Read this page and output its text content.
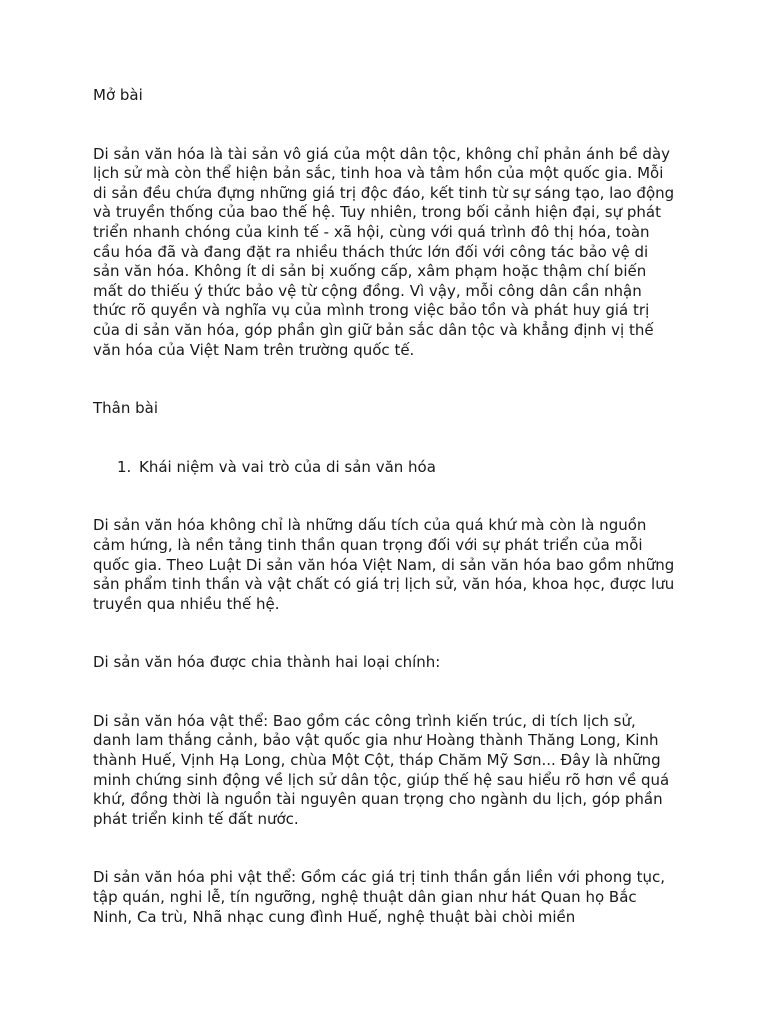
Mở bài

Di sản văn hóa là tài sản vô giá của một dân tộc, không chỉ phản ánh bề dày lịch sử mà còn thể hiện bản sắc, tinh hoa và tâm hồn của một quốc gia. Mỗi di sản đều chứa đựng những giá trị độc đáo, kết tinh từ sự sáng tạo, lao động và truyền thống của bao thế hệ. Tuy nhiên, trong bối cảnh hiện đại, sự phát triển nhanh chóng của kinh tế - xã hội, cùng với quá trình đô thị hóa, toàn cầu hóa đã và đang đặt ra nhiều thách thức lớn đối với công tác bảo vệ di sản văn hóa. Không ít di sản bị xuống cấp, xâm phạm hoặc thậm chí biến mất do thiếu ý thức bảo vệ từ cộng đồng. Vì vậy, mỗi công dân cần nhận thức rõ quyền và nghĩa vụ của mình trong việc bảo tồn và phát huy giá trị của di sản văn hóa, góp phần gìn giữ bản sắc dân tộc và khẳng định vị thế văn hóa của Việt Nam trên trường quốc tế.

Thân bài

1. Khái niệm và vai trò của di sản văn hóa

Di sản văn hóa không chỉ là những dấu tích của quá khứ mà còn là nguồn cảm hứng, là nền tảng tinh thần quan trọng đối với sự phát triển của mỗi quốc gia. Theo Luật Di sản văn hóa Việt Nam, di sản văn hóa bao gồm những sản phẩm tinh thần và vật chất có giá trị lịch sử, văn hóa, khoa học, được lưu truyền qua nhiều thế hệ.

Di sản văn hóa được chia thành hai loại chính:

Di sản văn hóa vật thể: Bao gồm các công trình kiến trúc, di tích lịch sử, danh lam thắng cảnh, bảo vật quốc gia như Hoàng thành Thăng Long, Kinh thành Huế, Vịnh Hạ Long, chùa Một Cột, tháp Chăm Mỹ Sơn... Đây là những minh chứng sinh động về lịch sử dân tộc, giúp thế hệ sau hiểu rõ hơn về quá khứ, đồng thời là nguồn tài nguyên quan trọng cho ngành du lịch, góp phần phát triển kinh tế đất nước.

Di sản văn hóa phi vật thể: Gồm các giá trị tinh thần gắn liền với phong tục, tập quán, nghi lễ, tín ngưỡng, nghệ thuật dân gian như hát Quan họ Bắc Ninh, Ca trù, Nhã nhạc cung đình Huế, nghệ thuật bài chòi miền
